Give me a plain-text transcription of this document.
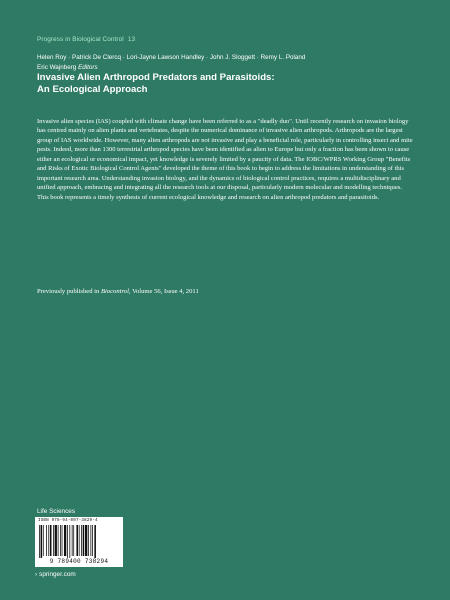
Progress in Biological Control 13
Helen Roy · Patrick De Clercq · Lori-Jayne Lawson Handley · John J. Sloggett · Remy L. Poland
Eric Wajnberg Editors
Invasive Alien Arthropod Predators and Parasitoids:
An Ecological Approach
Invasive alien species (IAS) coupled with climate change have been referred to as a "deadly duo". Until recently research on invasion biology has centred mainly on alien plants and vertebrates, despite the numerical dominance of invasive alien arthropods. Arthropods are the largest group of IAS worldwide. However, many alien arthropods are not invasive and play a beneficial role, particularly in controlling insect and mite pests. Indeed, more than 1300 terrestrial arthropod species have been identified as alien to Europe but only a fraction has been shown to cause either an ecological or economical impact, yet knowledge is severely limited by a paucity of data. The IOBC/WPRS Working Group "Benefits and Risks of Exotic Biological Control Agents" developed the theme of this book to begin to address the limitations in understanding of this important research area. Understanding invasion biology, and the dynamics of biological control practices, requires a multidisciplinary and unified approach, embracing and integrating all the research tools at our disposal, particularly modern molecular and modelling techniques. This book represents a timely synthesis of current ecological knowledge and research on alien arthropod predators and parasitoids.
Previously published in Biocontrol, Volume 56, Issue 4, 2011
Life Sciences
ISBN 978-94-007-3829-4
9 789400 738294
› springer.com
